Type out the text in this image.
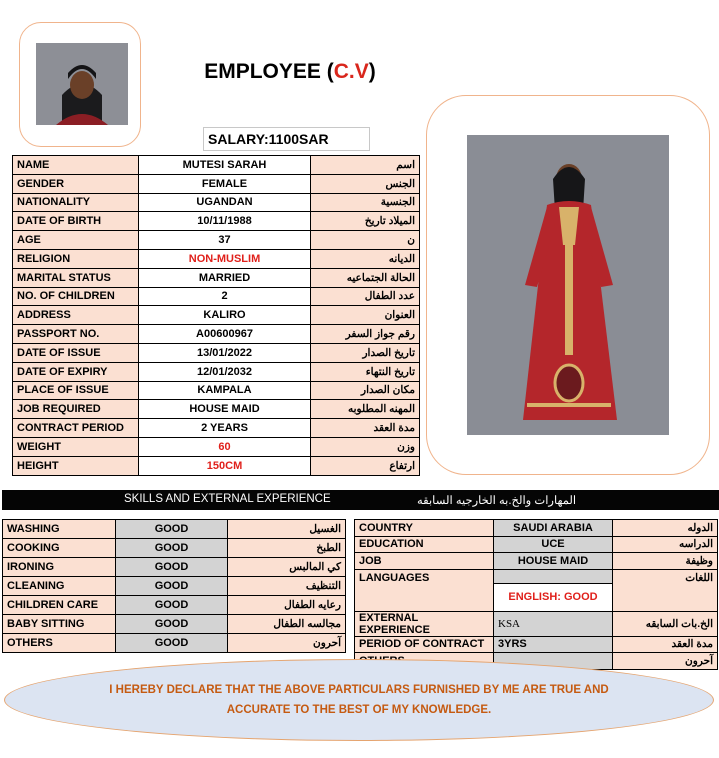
EMPLOYEE (C.V)
SALARY:1100SAR
NAME	MUTESI SARAH	اسم
GENDER	FEMALE	الجنس
NATIONALITY	UGANDAN	الجنسية
DATE OF BIRTH	10/11/1988	الميلاد تاريخ
AGE	37	ن
RELIGION	NON-MUSLIM	الديانه
MARITAL STATUS	MARRIED	الحالة الجتماعيه
NO. OF CHILDREN	2	عدد الطفال
ADDRESS	KALIRO	العنوان
PASSPORT NO.	A00600967	رقم جواز السفر
DATE OF ISSUE	13/01/2022	تاريخ الصدار
DATE OF EXPIRY	12/01/2032	تاريخ النتهاء
PLACE OF ISSUE	KAMPALA	مكان الصدار
JOB REQUIRED	HOUSE MAID	المهنه المطلوبه
CONTRACT PERIOD	2 YEARS	مدة العقد
WEIGHT	60	وزن
HEIGHT	150CM	ارتفاع
SKILLS AND EXTERNAL EXPERIENCE	المهارات والخ.به الخارجيه السابقه
WASHING	GOOD	الغسيل
COOKING	GOOD	الطبخ
IRONING	GOOD	كي المالبس
CLEANING	GOOD	التنظيف
CHILDREN CARE	GOOD	رعايه الطفال
BABY SITTING	GOOD	مجالسه الطفال
OTHERS	GOOD	آحرون
COUNTRY	SAUDI ARABIA	الدوله
EDUCATION	UCE	الدراسه
JOB	HOUSE MAID	وظيفة
LANGUAGES		اللغات
	ENGLISH: GOOD	
EXTERNAL EXPERIENCE	KSA	الخ.بات السابقه
PERIOD OF CONTRACT	3YRS	مدة العقد
		آحرون
I HEREBY DECLARE THAT THE ABOVE PARTICULARS FURNISHED BY ME ARE TRUE AND
ACCURATE TO THE BEST OF MY KNOWLEDGE.
